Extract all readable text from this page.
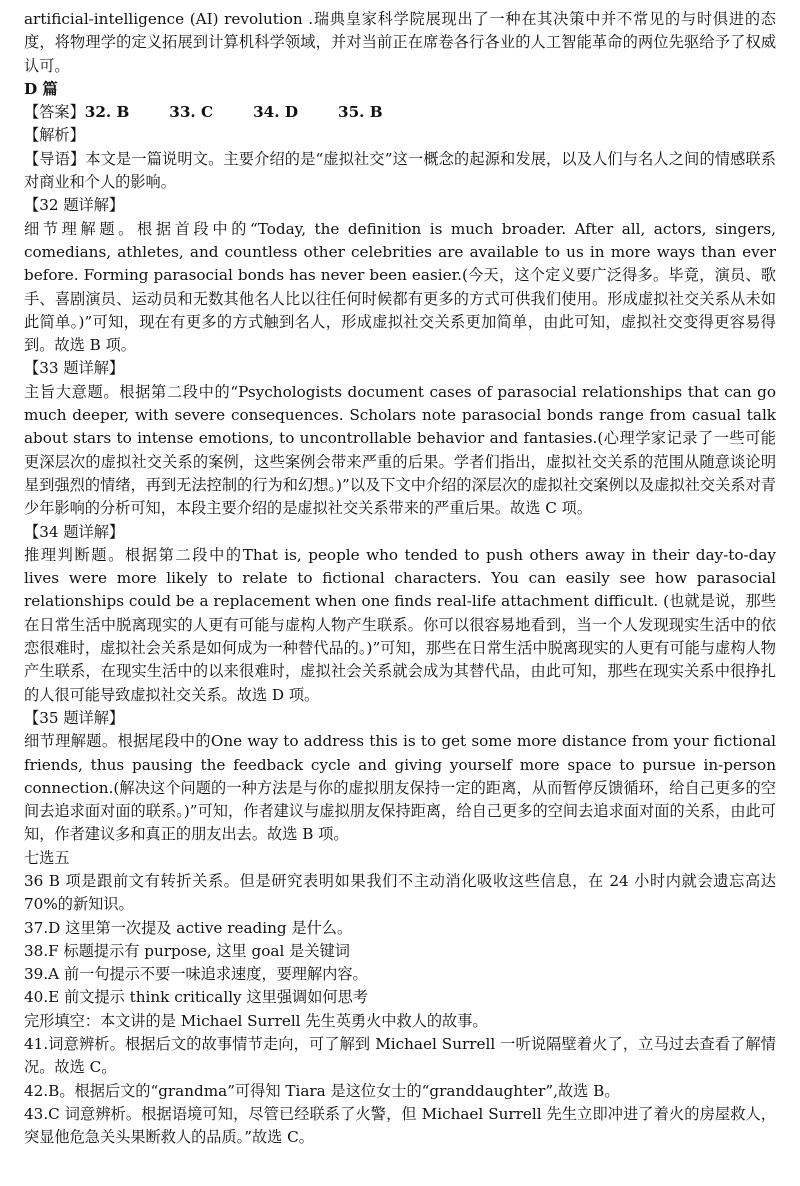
artificial-intelligence (AI) revolution .瑞典皇家科学院展现出了一种在其决策中并不常见的与时俱进的态度，将物理学的定义拓展到计算机科学领域，并对当前正在席卷各行各业的人工智能革命的两位先驱给予了权威认可。

D 篇

【答案】32. B	33. C	34. D	35. B

【解析】

【导语】本文是一篇说明文。主要介绍的是“虚拟社交”这一概念的起源和发展，以及人们与名人之间的情感联系对商业和个人的影响。

【32 题详解】

细节理解题。根据首段中的“Today, the definition is much broader. After all, actors, singers, comedians, athletes, and countless other celebrities are available to us in more ways than ever before. Forming parasocial bonds has never been easier.(今天，这个定义要广泛得多。毕竟，演员、歌手、喜剧演员、运动员和无数其他名人比以往任何时候都有更多的方式可供我们使用。形成虚拟社交关系从未如此简单。)”可知，现在有更多的方式触到名人，形成虚拟社交关系更加简单，由此可知，虚拟社交变得更容易得到。故选 B 项。

【33 题详解】

主旨大意题。根据第二段中的“Psychologists document cases of parasocial relationships that can go much deeper, with severe consequences. Scholars note parasocial bonds range from casual talk about stars to intense emotions, to uncontrollable behavior and fantasies.(心理学家记录了一些可能更深层次的虚拟社交关系的案例，这些案例会带来严重的后果。学者们指出，虚拟社交关系的范围从随意谈论明星到强烈的情绪，再到无法控制的行为和幻想。)”以及下文中介绍的深层次的虚拟社交案例以及虚拟社交关系对青少年影响的分析可知，本段主要介绍的是虚拟社交关系带来的严重后果。故选 C 项。

【34 题详解】

推理判断题。根据第二段中的That is, people who tended to push others away in their day-to-day lives were more likely to relate to fictional characters. You can easily see how parasocial relationships could be a replacement when one finds real-life attachment difficult. (也就是说，那些在日常生活中脱离现实的人更有可能与虚构人物产生联系。你可以很容易地看到，当一个人发现现实生活中的依恋很难时，虚拟社会关系是如何成为一种替代品的。)”可知，那些在日常生活中脱离现实的人更有可能与虚构人物产生联系，在现实生活中的以来很难时，虚拟社会关系就会成为其替代品，由此可知，那些在现实关系中很挣扎的人很可能导致虚拟社交关系。故选 D 项。

【35 题详解】

细节理解题。根据尾段中的One way to address this is to get some more distance from your fictional friends, thus pausing the feedback cycle and giving yourself more space to pursue in-person connection.(解决这个问题的一种方法是与你的虚拟朋友保持一定的距离，从而暂停反馈循环，给自己更多的空间去追求面对面的联系。)”可知，作者建议与虚拟朋友保持距离，给自己更多的空间去追求面对面的关系，由此可知，作者建议多和真正的朋友出去。故选 B 项。

七选五

36 B 项是跟前文有转折关系。但是研究表明如果我们不主动消化吸收这些信息，在 24 小时内就会遗忘高达 70%的新知识。

37.D 这里第一次提及 active reading 是什么。

38.F 标题提示有 purpose, 这里 goal 是关键词

39.A 前一句提示不要一味追求速度，要理解内容。

40.E 前文提示 think critically 这里强调如何思考

完形填空：本文讲的是 Michael Surrell 先生英勇火中救人的故事。

41.词意辨析。根据后文的故事情节走向，可了解到 Michael Surrell 一听说隔壁着火了，立马过去查看了解情况。故选 C。

42.B。根据后文的“grandma”可得知 Tiara 是这位女士的“granddaughter”,故选 B。

43.C 词意辨析。根据语境可知，尽管已经联系了火警，但 Michael Surrell 先生立即冲进了着火的房屋救人，突显他危急关头果断救人的品质。”故选 C。
